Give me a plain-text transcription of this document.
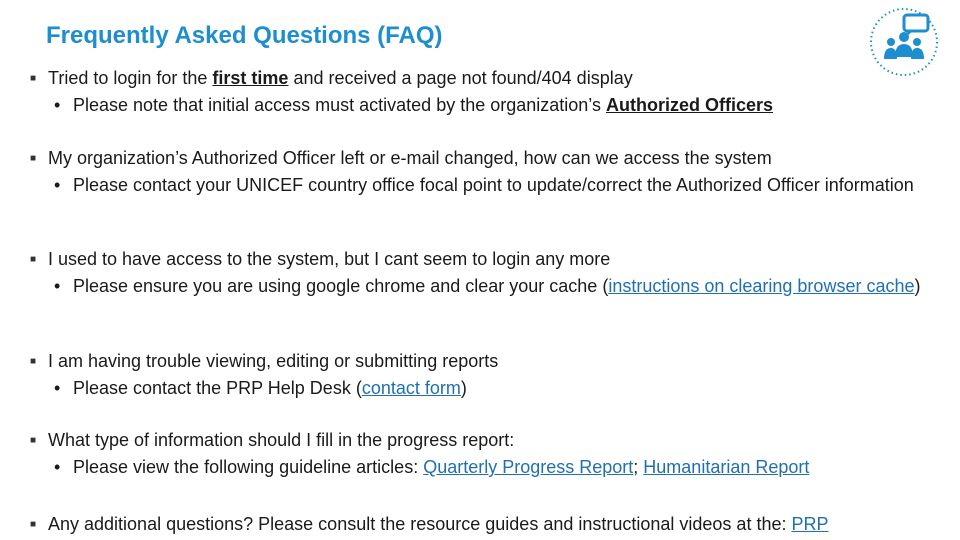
Frequently Asked Questions (FAQ)
■ Tried to login for the first time and received a page not found/404 display
• Please note that initial access must activated by the organization’s Authorized Officers
■ My organization’s Authorized Officer left or e-mail changed, how can we access the system
• Please contact your UNICEF country office focal point to update/correct the Authorized Officer information
■ I used to have access to the system, but I cant seem to login any more
• Please ensure you are using google chrome and clear your cache (instructions on clearing browser cache)
■ I am having trouble viewing, editing or submitting reports
• Please contact the PRP Help Desk (contact form)
■ What type of information should I fill in the progress report:
• Please view the following guideline articles: Quarterly Progress Report; Humanitarian Report
■ Any additional questions? Please consult the resource guides and instructional videos at the: PRP
